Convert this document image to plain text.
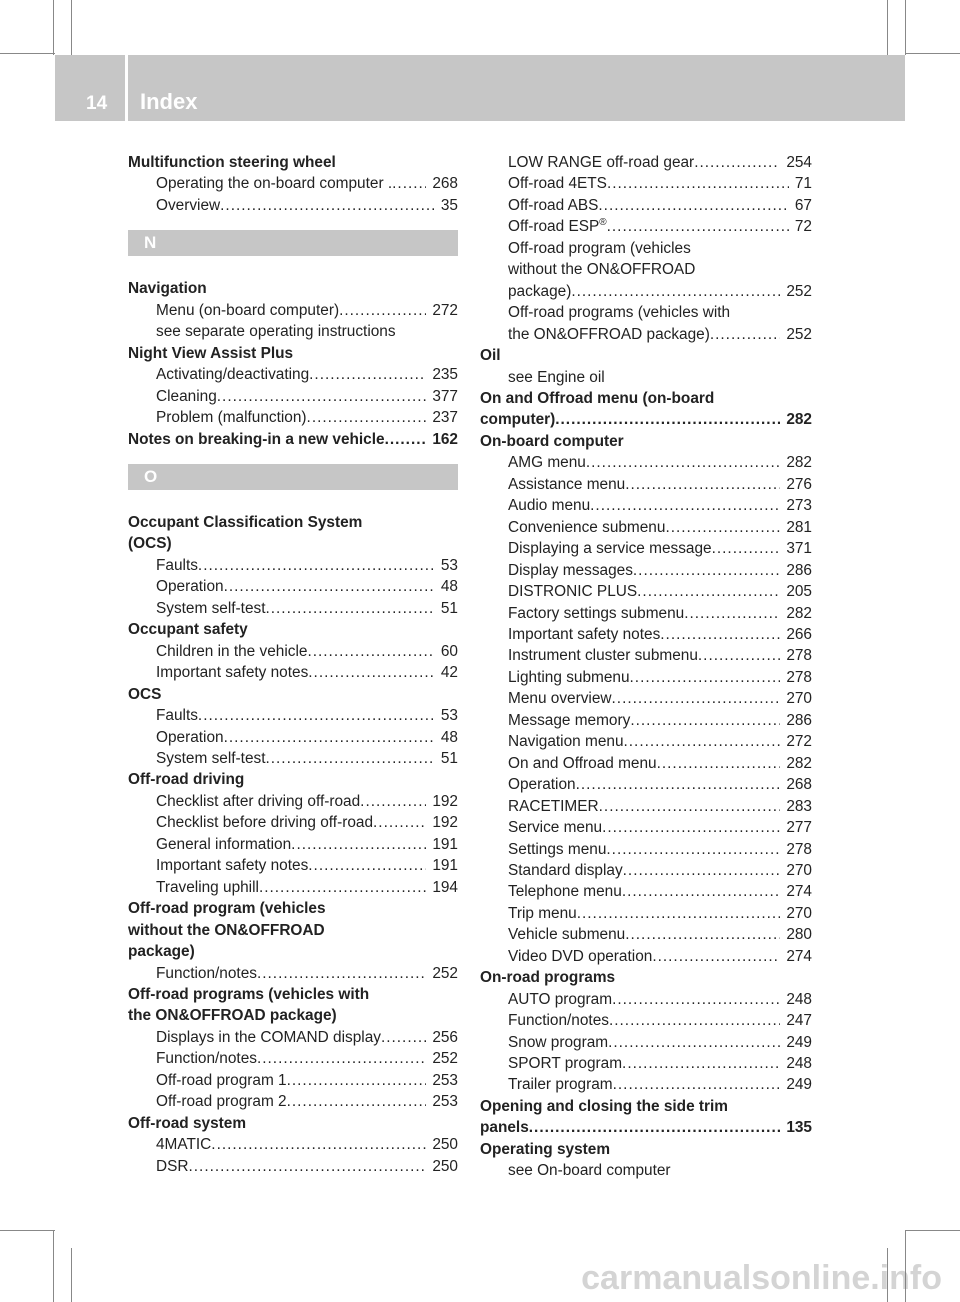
14 Index
Multifunction steering wheel
Operating the on-board computer . .....	268
Overview .....	35
N
Navigation
Menu (on-board computer) .....	272
see separate operating instructions
Night View Assist Plus
Activating/deactivating .....	235
Cleaning .....	377
Problem (malfunction) .....	237
Notes on breaking-in a new vehicle .....	162
O
Occupant Classification System
(OCS)
Faults .....	53
Operation .....	48
System self-test .....	51
Occupant safety
Children in the vehicle .....	60
Important safety notes .....	42
OCS
Faults .....	53
Operation .....	48
System self-test .....	51
Off-road driving
Checklist after driving off-road .....	192
Checklist before driving off-road .....	192
General information .....	191
Important safety notes .....	191
Traveling uphill .....	194
Off-road program (vehicles
without the ON&OFFROAD
package)
Function/notes .....	252
Off-road programs (vehicles with
the ON&OFFROAD package)
Displays in the COMAND display .....	256
Function/notes .....	252
Off-road program 1 .....	253
Off-road program 2 .....	253
Off-road system
4MATIC .....	250
DSR .....	250
LOW RANGE off-road gear .....	254
Off-road 4ETS .....	71
Off-road ABS .....	67
Off-road ESP® .....	72
Off-road program (vehicles
without the ON&OFFROAD
package) .....	252
Off-road programs (vehicles with
the ON&OFFROAD package) .....	252
Oil
see Engine oil
On and Offroad menu (on-board
computer) .....	282
On-board computer
AMG menu .....	282
Assistance menu .....	276
Audio menu .....	273
Convenience submenu .....	281
Displaying a service message .....	371
Display messages .....	286
DISTRONIC PLUS .....	205
Factory settings submenu .....	282
Important safety notes .....	266
Instrument cluster submenu .....	278
Lighting submenu .....	278
Menu overview .....	270
Message memory .....	286
Navigation menu .....	272
On and Offroad menu .....	282
Operation .....	268
RACETIMER .....	283
Service menu .....	277
Settings menu .....	278
Standard display .....	270
Telephone menu .....	274
Trip menu .....	270
Vehicle submenu .....	280
Video DVD operation .....	274
On-road programs
AUTO program .....	248
Function/notes .....	247
Snow program .....	249
SPORT program .....	248
Trailer program .....	249
Opening and closing the side trim
panels .....	135
Operating system
see On-board computer
carmanualsonline.info
